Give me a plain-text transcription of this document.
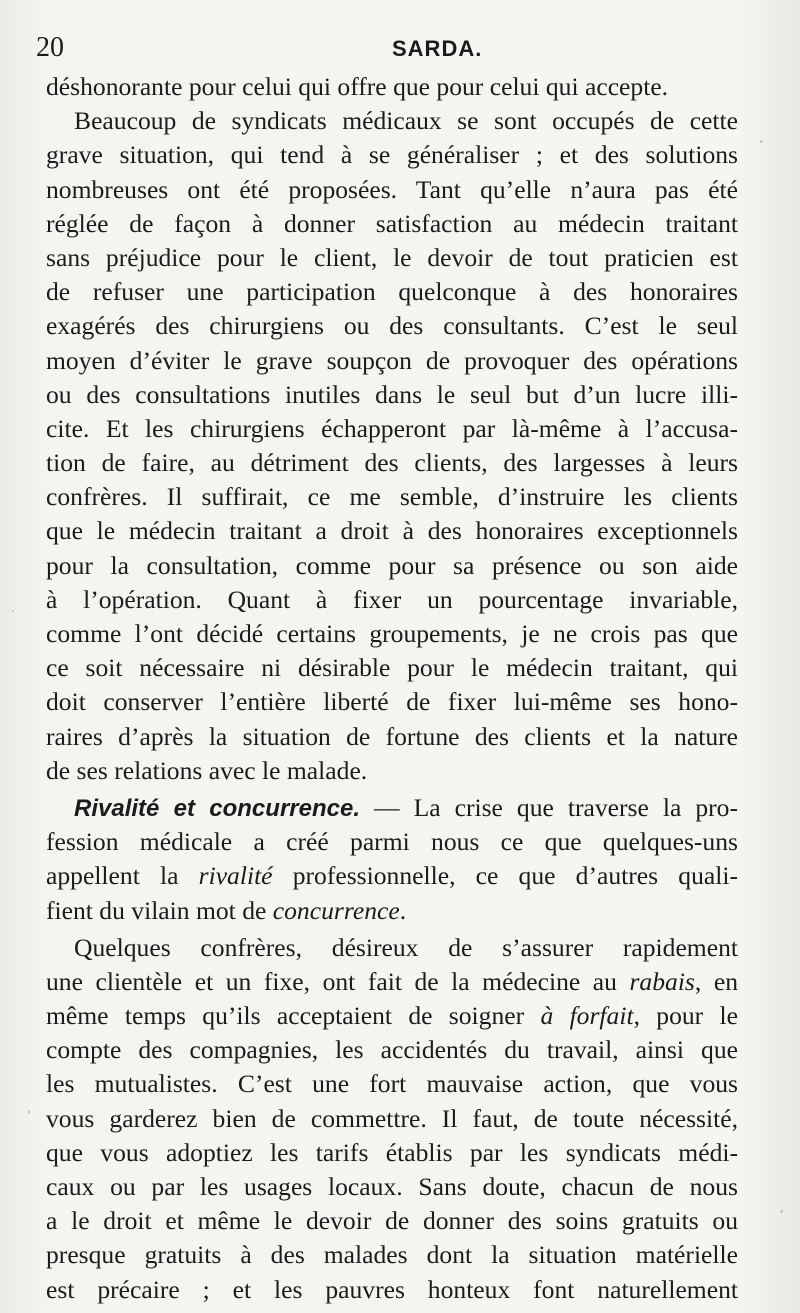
20	SARDA.
déshonorante pour celui qui offre que pour celui qui accepte.
Beaucoup de syndicats médicaux se sont occupés de cette
grave situation, qui tend à se généraliser ; et des solutions
nombreuses ont été proposées. Tant qu’elle n’aura pas été
réglée de façon à donner satisfaction au médecin traitant
sans préjudice pour le client, le devoir de tout praticien est
de refuser une participation quelconque à des honoraires
exagérés des chirurgiens ou des consultants. C’est le seul
moyen d’éviter le grave soupçon de provoquer des opérations
ou des consultations inutiles dans le seul but d’un lucre illi-
cite. Et les chirurgiens échapperont par là-même à l’accusa-
tion de faire, au détriment des clients, des largesses à leurs
confrères. Il suffirait, ce me semble, d’instruire les clients
que le médecin traitant a droit à des honoraires exceptionnels
pour la consultation, comme pour sa présence ou son aide
à l’opération. Quant à fixer un pourcentage invariable,
comme l’ont décidé certains groupements, je ne crois pas que
ce soit nécessaire ni désirable pour le médecin traitant, qui
doit conserver l’entière liberté de fixer lui-même ses hono-
raires d’après la situation de fortune des clients et la nature
de ses relations avec le malade.
Rivalité et concurrence. — La crise que traverse la pro-
fession médicale a créé parmi nous ce que quelques-uns
appellent la rivalité professionnelle, ce que d’autres quali-
fient du vilain mot de concurrence.
Quelques confrères, désireux de s’assurer rapidement
une clientèle et un fixe, ont fait de la médecine au rabais, en
même temps qu’ils acceptaient de soigner à forfait, pour le
compte des compagnies, les accidentés du travail, ainsi que
les mutualistes. C’est une fort mauvaise action, que vous
vous garderez bien de commettre. Il faut, de toute nécessité,
que vous adoptiez les tarifs établis par les syndicats médi-
caux ou par les usages locaux. Sans doute, chacun de nous
a le droit et même le devoir de donner des soins gratuits ou
presque gratuits à des malades dont la situation matérielle
est précaire ; et les pauvres honteux font naturellement
